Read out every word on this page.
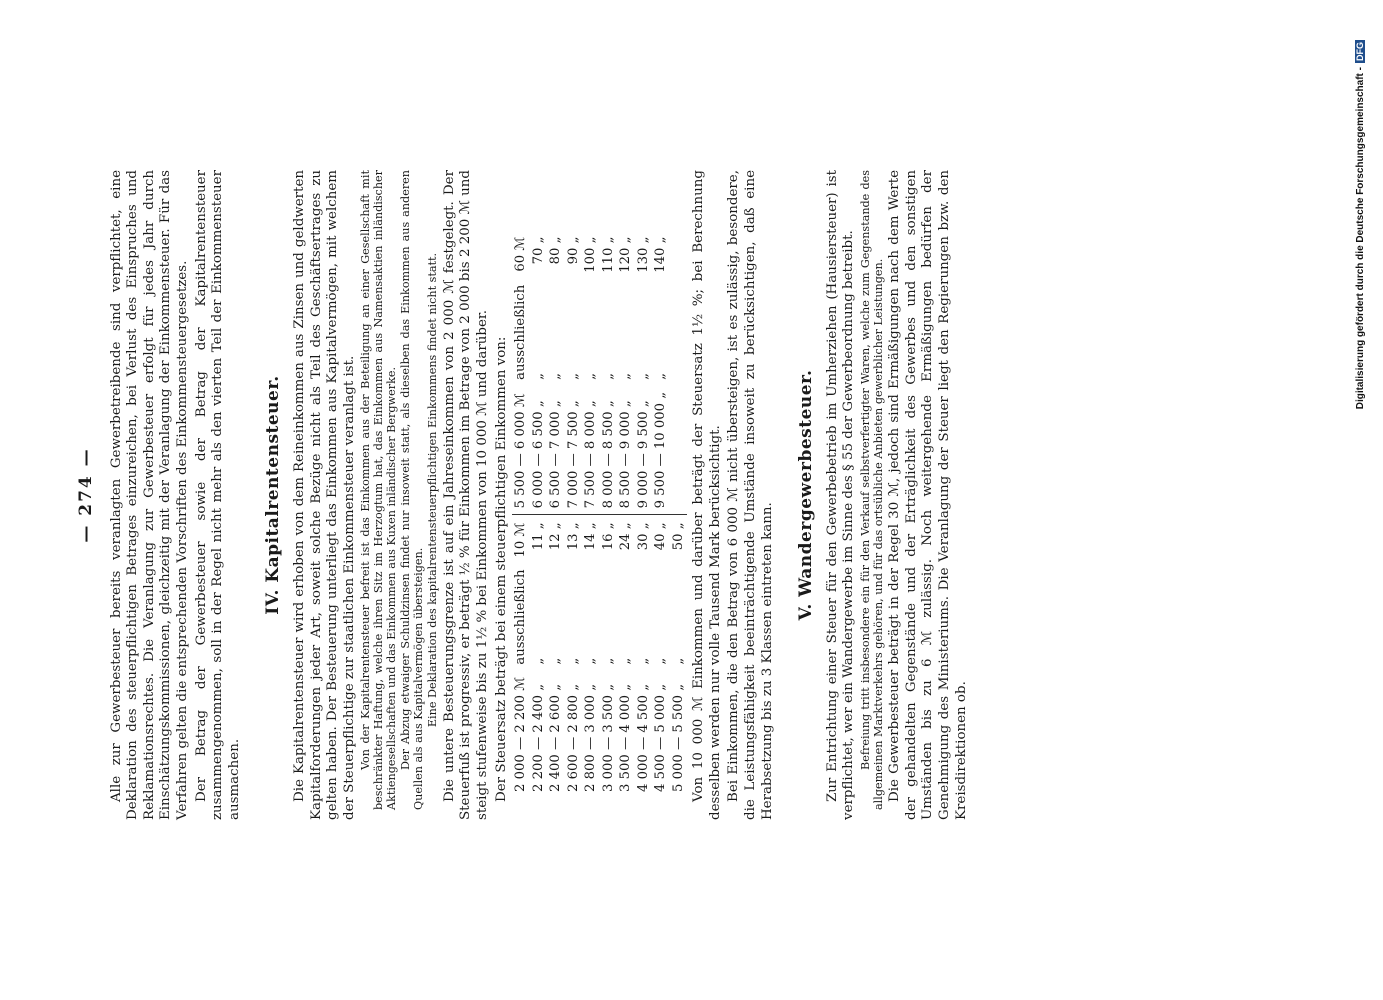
— 274 — Alle zur Gewerbesteuer bereits veranlagten Gewerbetreibende sind verpflichtet, eine Deklaration des steuerpflichtigen Betrages einzureichen, bei Verlust des Einspruches und Reklamationsrechtes. Die Veranlagung zur Gewerbesteuer erfolgt für jedes Jahr durch Einschätzungskommissionen, gleichzeitig mit der Veranlagung der Einkommensteuer. Für das Verfahren gelten die entsprechenden Vorschriften des Einkommensteuergesetzes. Der Betrag der Gewerbesteuer sowie der Betrag der Kapitalrentensteuer zusammengenommen, soll in der Regel nicht mehr als den vierten Teil der Einkommensteuer ausmachen.

IV. Kapitalrentensteuer. Die Kapitalrentensteuer wird erhoben von dem Reineinkommen aus Zinsen und geldwerten Kapitalforderungen jeder Art, soweit solche Bezüge nicht als Teil des Geschäftsertrages zu gelten haben. Der Besteuerung unterliegt das Einkommen aus Kapitalvermögen, mit welchem der Steuerpflichtige zur staatlichen Einkommensteuer veranlagt ist. Von der Kapitalrentensteuer befreit ist das Einkommen aus der Beteiligung an einer Gesellschaft mit beschränkter Haftung, welche ihren Sitz im Herzogtum hat, das Einkommen aus Namensaktien inländischer Aktiengesellschaften und das Einkommen aus Kuxen inländischer Bergwerke. Der Abzug etwaiger Schuldzinsen findet nur insoweit statt, als dieselben das Einkommen aus anderen Quellen als aus Kapitalvermögen übersteigen. Eine Deklaration des kapitalrentensteuerpflichtigen Einkommens findet nicht statt. Die untere Besteuerungsgrenze ist auf ein Jahreseinkommen von 2 000 ℳ festgelegt. Der Steuerfuß ist progressiv, er beträgt ½ % für Einkommen im Betrage von 2 000 bis 2 200 ℳ und steigt stufenweise bis zu 1½ % bei Einkommen von 10 000 ℳ und darüber. Der Steuersatz beträgt bei einem steuerpflichtigen Einkommen von: 2 000 — 2 200 ℳ	ausschließlich	10 ℳ		5 500 — 6 000 ℳ	ausschließlich	60 ℳ
2 200 — 2 400 „	„	11 „		6 000 — 6 500 „	„	70 „
2 400 — 2 600 „	„	12 „		6 500 — 7 000 „	„	80 „
2 600 — 2 800 „	„	13 „		7 000 — 7 500 „	„	90 „
2 800 — 3 000 „	„	14 „		7 500 — 8 000 „	„	100 „
3 000 — 3 500 „	„	16 „		8 000 — 8 500 „	„	110 „
3 500 — 4 000 „	„	24 „		8 500 — 9 000 „	„	120 „
4 000 — 4 500 „	„	30 „		9 000 — 9 500 „	„	130 „
4 500 — 5 000 „	„	40 „		9 500 — 10 000 „	„	140 „
5 000 — 5 500 „	„	50 „				Von 10 000 ℳ Einkommen und darüber beträgt der Steuersatz 1½ %; bei Berechnung desselben werden nur volle Tausend Mark berücksichtigt. Bei Einkommen, die den Betrag von 6 000 ℳ nicht übersteigen, ist es zulässig, besondere, die Leistungsfähigkeit beeinträchtigende Umstände insoweit zu berücksichtigen, daß eine Herabsetzung bis zu 3 Klassen eintreten kann.

V. Wandergewerbesteuer. Zur Entrichtung einer Steuer für den Gewerbebetrieb im Umherziehen (Hausiersteuer) ist verpflichtet, wer ein Wandergewerbe im Sinne des § 55 der Gewerbeordnung betreibt. Befreiung tritt insbesondere ein für den Verkauf selbstverfertigter Waren, welche zum Gegenstande des allgemeinen Marktverkehrs gehören, und für das ortsübliche Anbieten gewerblicher Leistungen. Die Gewerbesteuer beträgt in der Regel 30 ℳ, jedoch sind Ermäßigungen nach dem Werte der gehandelten Gegenstände und der Erträglichkeit des Gewerbes und den sonstigen Umständen bis zu 6 ℳ zulässig. Noch weitergehende Ermäßigungen bedürfen der Genehmigung des Ministeriums. Die Veranlagung der Steuer liegt den Regierungen bzw. den Kreisdirektionen ob.

Digitalisierung gefördert durch die Deutsche Forschungsgemeinschaft -
DFG
